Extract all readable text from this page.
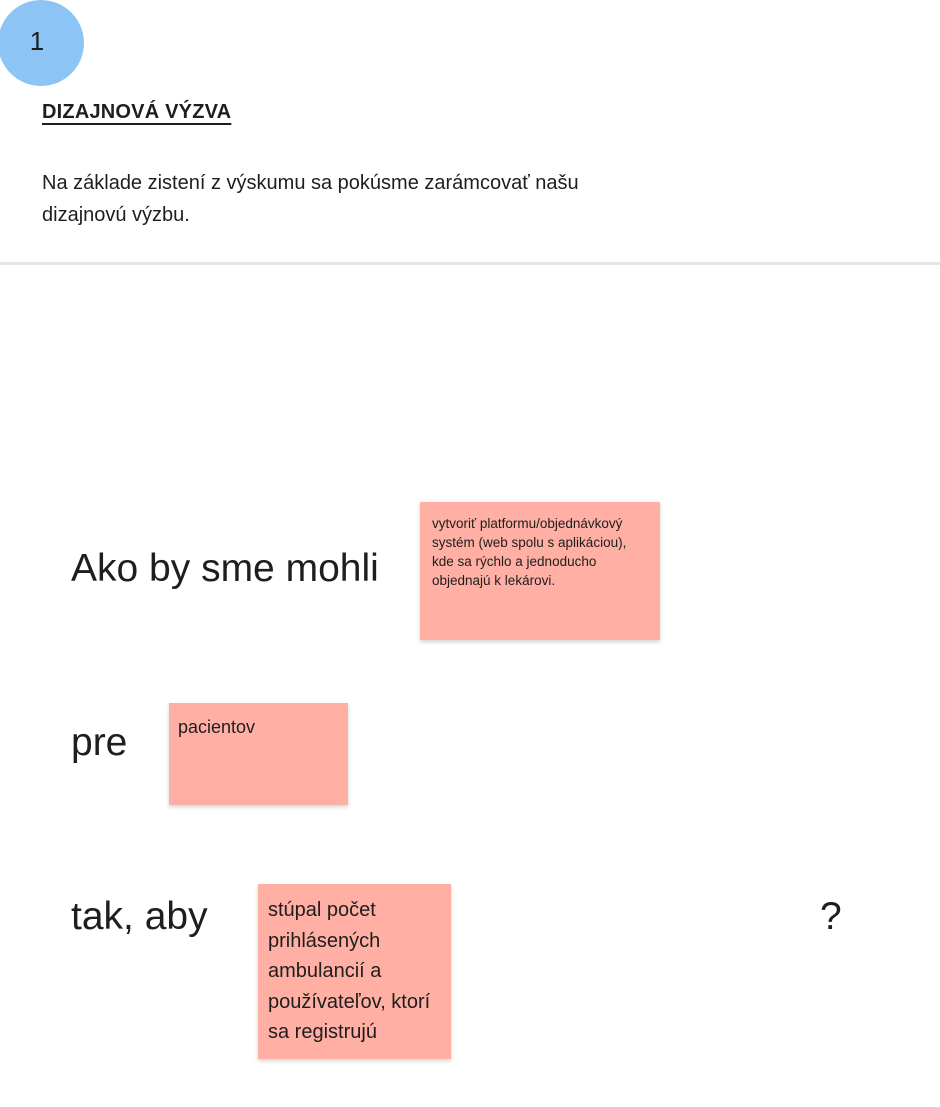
1
DIZAJNOVÁ VÝZVA

Na základe zistení z výskumu sa pokúsme zarámcovať našu dizajnovú výzbu.

Ako by sme mohli

vytvoriť platformu/objednávkový systém (web spolu s aplikáciou), kde sa rýchlo a jednoducho objednajú k lekárovi.

pre	pacientov

tak, aby	stúpal počet prihlásených ambulancií a používateľov, ktorí sa registrujú

?
